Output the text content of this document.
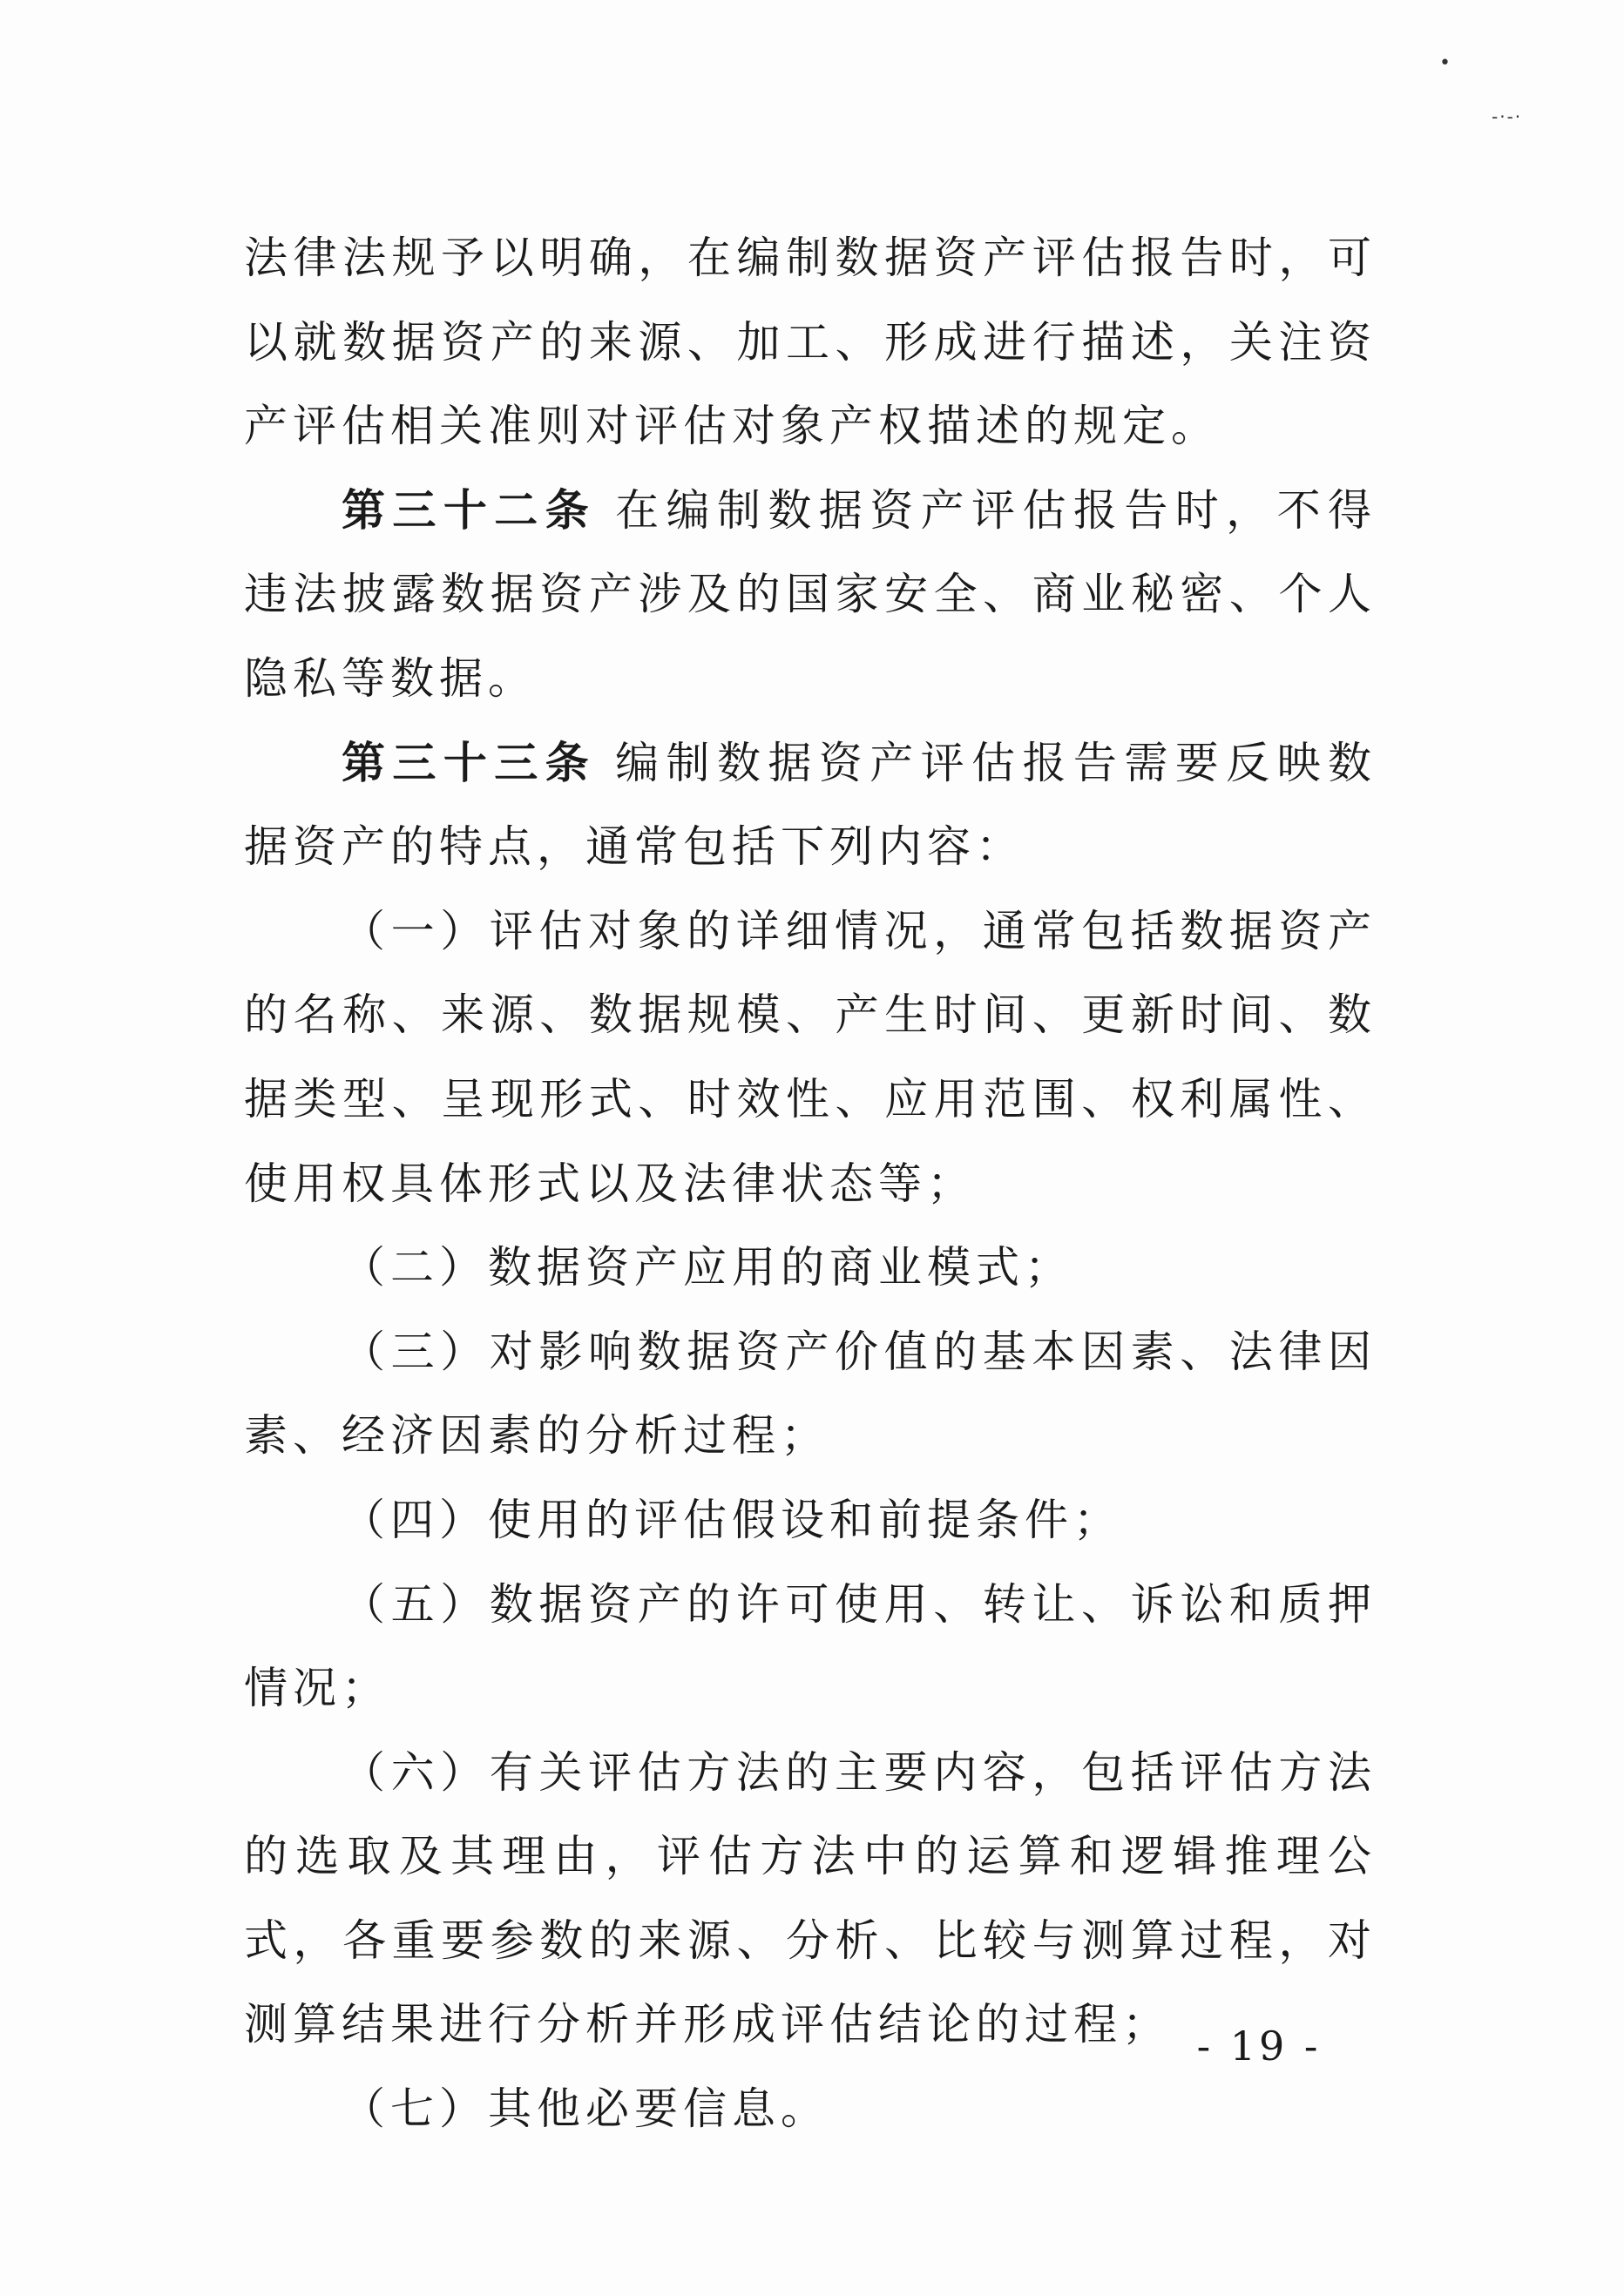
•
-·-·

法律法规予以明确，在编制数据资产评估报告时，可以就数据资产的来源、加工、形成进行描述，关注资产评估相关准则对评估对象产权描述的规定。

第三十二条 在编制数据资产评估报告时，不得违法披露数据资产涉及的国家安全、商业秘密、个人隐私等数据。

第三十三条 编制数据资产评估报告需要反映数据资产的特点，通常包括下列内容：

（一）评估对象的详细情况，通常包括数据资产的名称、来源、数据规模、产生时间、更新时间、数据类型、呈现形式、时效性、应用范围、权利属性、使用权具体形式以及法律状态等；

（二）数据资产应用的商业模式；

（三）对影响数据资产价值的基本因素、法律因素、经济因素的分析过程；

（四）使用的评估假设和前提条件；

（五）数据资产的许可使用、转让、诉讼和质押情况；

（六）有关评估方法的主要内容，包括评估方法的选取及其理由，评估方法中的运算和逻辑推理公式，各重要参数的来源、分析、比较与测算过程，对测算结果进行分析并形成评估结论的过程；

（七）其他必要信息。

- 19 -
